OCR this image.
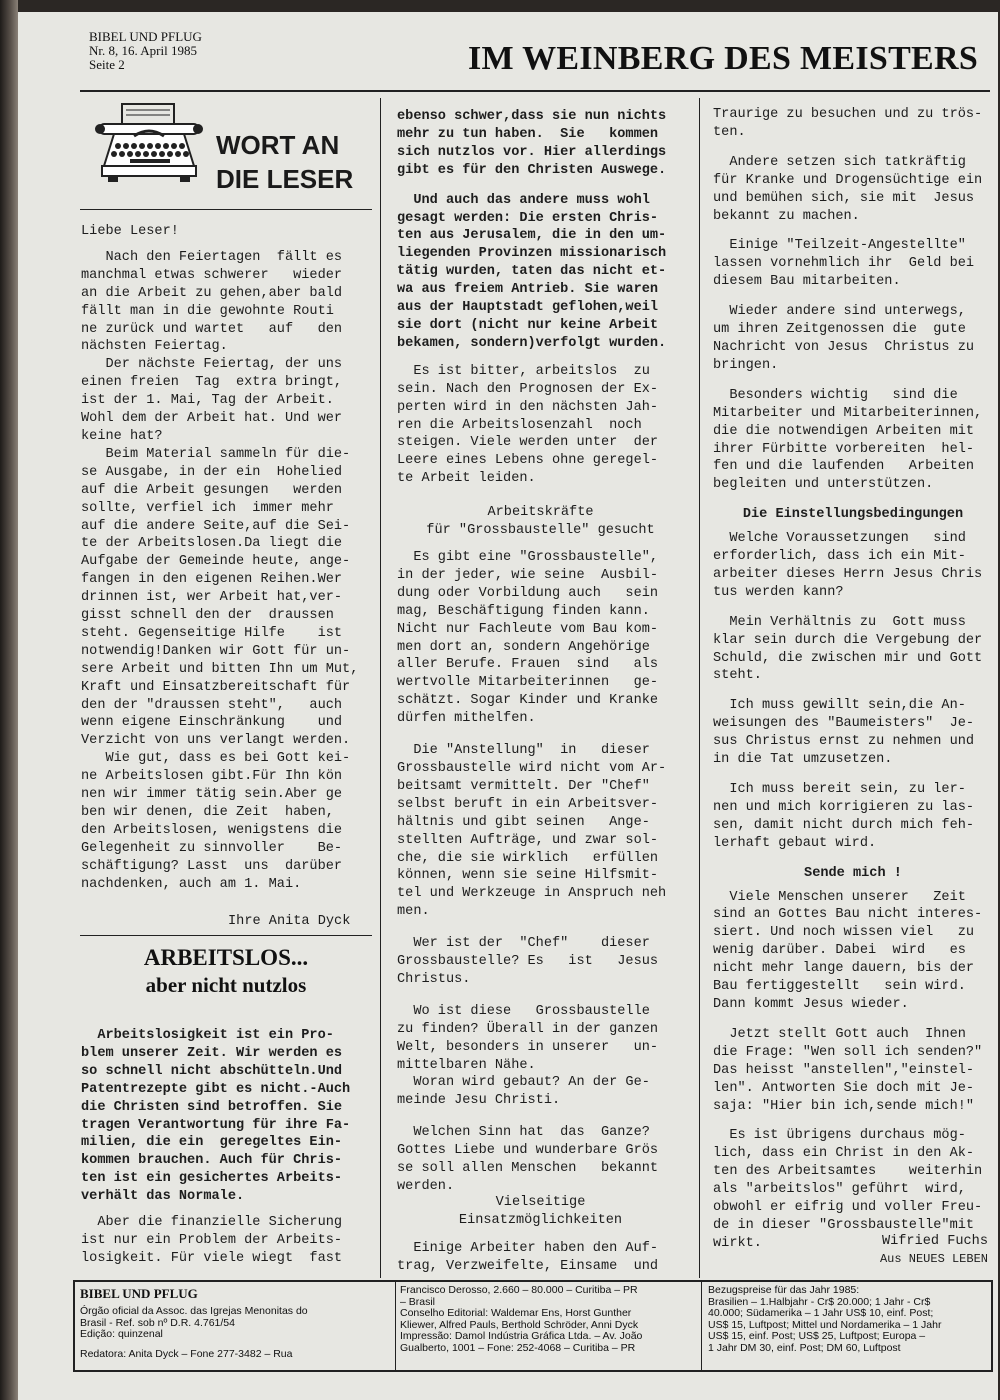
BIBEL UND PFLUG
Nr. 8, 16. April 1985
Seite 2	IM WEINBERG DES MEISTERS
WORT AN
DIE LESER

Liebe Leser!

Nach den Feiertagen  fällt es

manchmal etwas schwerer   wieder

an die Arbeit zu gehen,aber bald

fällt man in die gewohnte Routi

ne zurück und wartet   auf   den

nächsten Feiertag.

Der nächste Feiertag, der uns

einen freien  Tag  extra bringt,

ist der 1. Mai, Tag der Arbeit.

Wohl dem der Arbeit hat. Und wer

keine hat?

Beim Material sammeln für die-

se Ausgabe, in der ein  Hohelied

auf die Arbeit gesungen   werden

sollte, verfiel ich  immer mehr

auf die andere Seite,auf die Sei-

te der Arbeitslosen.Da liegt die

Aufgabe der Gemeinde heute, ange-

fangen in den eigenen Reihen.Wer

drinnen ist, wer Arbeit hat,ver-

gisst schnell den der  draussen

steht. Gegenseitige Hilfe    ist

notwendig!Danken wir Gott für un-

sere Arbeit und bitten Ihn um Mut,

Kraft und Einsatzbereitschaft für

den der "draussen steht",   auch

wenn eigene Einschränkung    und

Verzicht von uns verlangt werden.

Wie gut, dass es bei Gott kei-

ne Arbeitslosen gibt.Für Ihn kön

nen wir immer tätig sein.Aber ge

ben wir denen, die Zeit  haben,

den Arbeitslosen, wenigstens die

Gelegenheit zu sinnvoller    Be-

schäftigung? Lasst  uns  darüber

nachdenken, auch am 1. Mai.

Ihre Anita Dyck
ARBEITSLOS...
aber nicht nutzlos

Arbeitslosigkeit ist ein Pro-

blem unserer Zeit. Wir werden es

so schnell nicht abschütteln.Und

Patentrezepte gibt es nicht.-Auch

die Christen sind betroffen. Sie

tragen Verantwortung für ihre Fa-

milien, die ein  geregeltes Ein-

kommen brauchen. Auch für Chris-

ten ist ein gesichertes Arbeits-

verhält das Normale.

Aber die finanzielle Sicherung

ist nur ein Problem der Arbeits-

losigkeit. Für viele wiegt  fast

ebenso schwer,dass sie nun nichts

mehr zu tun haben.  Sie   kommen

sich nutzlos vor. Hier allerdings

gibt es für den Christen Auswege.

Und auch das andere muss wohl

gesagt werden: Die ersten Chris-

ten aus Jerusalem, die in den um-

liegenden Provinzen missionarisch

tätig wurden, taten das nicht et-

wa aus freiem Antrieb. Sie waren

aus der Hauptstadt geflohen,weil

sie dort (nicht nur keine Arbeit

bekamen, sondern)verfolgt wurden.

Es ist bitter, arbeitslos  zu

sein. Nach den Prognosen der Ex-

perten wird in den nächsten Jah-

ren die Arbeitslosenzahl  noch

steigen. Viele werden unter  der

Leere eines Lebens ohne geregel-

te Arbeit leiden.

Arbeitskräfte

für "Grossbaustelle" gesucht

Es gibt eine "Grossbaustelle",

in der jeder, wie seine  Ausbil-

dung oder Vorbildung auch   sein

mag, Beschäftigung finden kann.

Nicht nur Fachleute vom Bau kom-

men dort an, sondern Angehörige

aller Berufe. Frauen  sind   als

wertvolle Mitarbeiterinnen   ge-

schätzt. Sogar Kinder und Kranke

dürfen mithelfen.

Die "Anstellung"  in   dieser

Grossbaustelle wird nicht vom Ar-

beitsamt vermittelt. Der "Chef"

selbst beruft in ein Arbeitsver-

hältnis und gibt seinen   Ange-

stellten Aufträge, und zwar sol-

che, die sie wirklich   erfüllen

können, wenn sie seine Hilfsmit-

tel und Werkzeuge in Anspruch neh

men.

Wer ist der  "Chef"    dieser

Grossbaustelle? Es   ist   Jesus

Christus.

Wo ist diese   Grossbaustelle

zu finden? Überall in der ganzen

Welt, besonders in unserer   un-

mittelbaren Nähe.

Woran wird gebaut? An der Ge-

meinde Jesu Christi.

Welchen Sinn hat  das  Ganze?

Gottes Liebe und wunderbare Grös

se soll allen Menschen   bekannt

werden.

Vielseitige

Einsatzmöglichkeiten

Einige Arbeiter haben den Auf-

trag, Verzweifelte, Einsame  und

Traurige zu besuchen und zu trös-

ten.

Andere setzen sich tatkräftig

für Kranke und Drogensüchtige ein

und bemühen sich, sie mit  Jesus

bekannt zu machen.

Einige "Teilzeit-Angestellte"

lassen vornehmlich ihr  Geld bei

diesem Bau mitarbeiten.

Wieder andere sind unterwegs,

um ihren Zeitgenossen die  gute

Nachricht von Jesus  Christus zu

bringen.

Besonders wichtig   sind die

Mitarbeiter und Mitarbeiterinnen,

die die notwendigen Arbeiten mit

ihrer Fürbitte vorbereiten  hel-

fen und die laufenden   Arbeiten

begleiten und unterstützen.

Die Einstellungsbedingungen

Welche Voraussetzungen   sind

erforderlich, dass ich ein Mit-

arbeiter dieses Herrn Jesus Chris

tus werden kann?

Mein Verhältnis zu  Gott muss

klar sein durch die Vergebung der

Schuld, die zwischen mir und Gott

steht.

Ich muss gewillt sein,die An-

weisungen des "Baumeisters"  Je-

sus Christus ernst zu nehmen und

in die Tat umzusetzen.

Ich muss bereit sein, zu ler-

nen und mich korrigieren zu las-

sen, damit nicht durch mich feh-

lerhaft gebaut wird.

Sende mich !

Viele Menschen unserer   Zeit

sind an Gottes Bau nicht interes-

siert. Und noch wissen viel   zu

wenig darüber. Dabei  wird   es

nicht mehr lange dauern, bis der

Bau fertiggestellt   sein wird.

Dann kommt Jesus wieder.

Jetzt stellt Gott auch  Ihnen

die Frage: "Wen soll ich senden?"

Das heisst "anstellen","einstel-

len". Antworten Sie doch mit Je-

saja: "Hier bin ich,sende mich!"

Es ist übrigens durchaus mög-

lich, dass ein Christ in den Ak-

ten des Arbeitsamtes    weiterhin

als "arbeitslos" geführt  wird,

obwohl er eifrig und voller Freu-

de in dieser "Grossbaustelle"mit

wirkt.	Wifried Fuchs

Aus NEUES LEBEN

BIBEL UND PFLUG
Órgão oficial da Assoc. das Igrejas Menonitas do
Brasil - Ref. sob nº D.R. 4.761/54
Edição: quinzenal
Redatora: Anita Dyck – Fone 277-3482 – Rua
Francisco Derosso, 2.660 – 80.000 – Curitiba – PR
– Brasil
Conselho Editorial: Waldemar Ens, Horst Gunther
Kliewer, Alfred Pauls, Berthold Schröder, Anni Dyck
Impressão: Damol Indústria Gráfica Ltda. – Av. João
Gualberto, 1001 – Fone: 252-4068 – Curitiba – PR
Bezugspreise für das Jahr 1985:
Brasilien – 1.Halbjahr - Cr$ 20.000; 1 Jahr - Cr$
40.000; Südamerika – 1 Jahr US$ 10, einf. Post;
US$ 15, Luftpost; Mittel und Nordamerika – 1 Jahr
US$ 15, einf. Post; US$ 25, Luftpost; Europa –
1 Jahr DM 30, einf. Post; DM 60, Luftpost
